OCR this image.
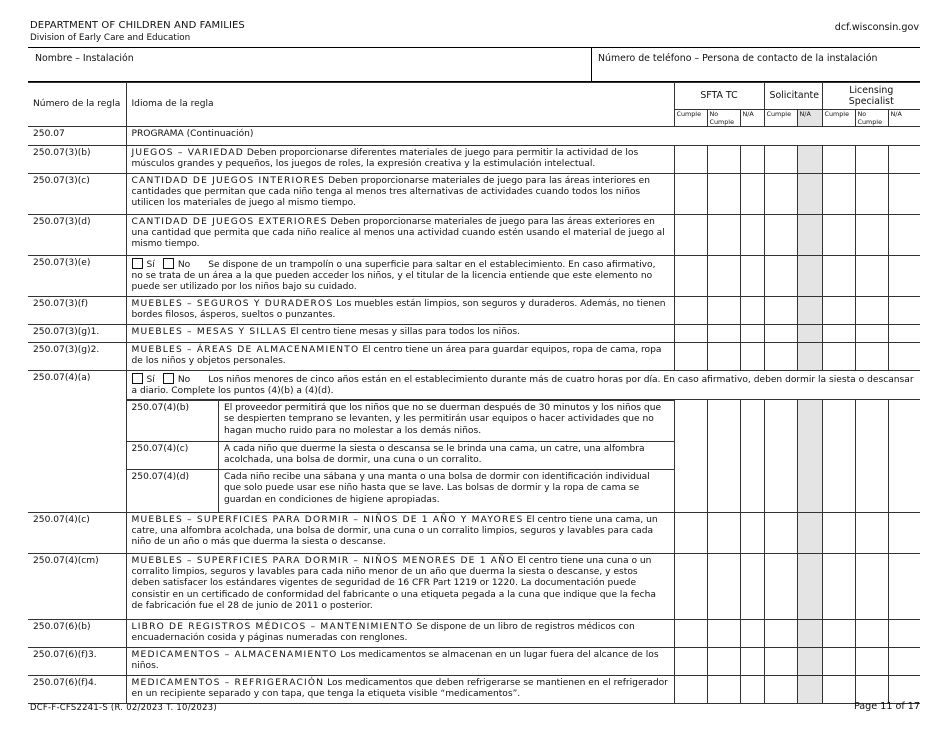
DEPARTMENT OF CHILDREN AND FAMILIES
Division of Early Care and Education
dcf.wisconsin.gov
Nombre – Instalación	Número de teléfono – Persona de contacto de la instalación
Número de la regla	Idioma de la regla	SFTA TC	Solicitante	Licensing Specialist
Cumple	No Cumple	N/A	Cumple	N/A	Cumple	No Cumple	N/A
250.07	PROGRAMA (Continuación)
250.07(3)(b)	JUEGOS – VARIEDAD Deben proporcionarse diferentes materiales de juego para permitir la actividad de los músculos grandes y pequeños, los juegos de roles, la expresión creativa y la estimulación intelectual.								
250.07(3)(c)	CANTIDAD DE JUEGOS INTERIORES Deben proporcionarse materiales de juego para las áreas interiores en cantidades que permitan que cada niño tenga al menos tres alternativas de actividades cuando todos los niños utilicen los materiales de juego al mismo tiempo.								
250.07(3)(d)	CANTIDAD DE JUEGOS EXTERIORES Deben proporcionarse materiales de juego para las áreas exteriores en una cantidad que permita que cada niño realice al menos una actividad cuando estén usando el material de juego al mismo tiempo.								
250.07(3)(e)	Sí	No Se dispone de un trampolín o una superficie para saltar en el establecimiento. En caso afirmativo, no se trata de un área a la que pueden acceder los niños, y el titular de la licencia entiende que este elemento no puede ser utilizado por los niños bajo su cuidado.								
250.07(3)(f)	MUEBLES – SEGUROS Y DURADEROS Los muebles están limpios, son seguros y duraderos. Además, no tienen bordes filosos, ásperos, sueltos o punzantes.								
250.07(3)(g)1.	MUEBLES – MESAS Y SILLAS El centro tiene mesas y sillas para todos los niños.								
250.07(3)(g)2.	MUEBLES – ÁREAS DE ALMACENAMIENTO El centro tiene un área para guardar equipos, ropa de cama, ropa de los niños y objetos personales.								
250.07(4)(a)	Sí	No Los niños menores de cinco años están en el establecimiento durante más de cuatro horas por día. En caso afirmativo, deben dormir la siesta o descansar a diario. Complete los puntos (4)(b) a (4)(d).

250.07(4)(b)	El proveedor permitirá que los niños que no se duerman después de 30 minutos y los niños que se despierten temprano se levanten, y les permitirán usar equipos o hacer actividades que no hagan mucho ruido para no molestar a los demás niños.
250.07(4)(c)	A cada niño que duerme la siesta o descansa se le brinda una cama, un catre, una alfombra acolchada, una bolsa de dormir, una cuna o un corralito.
250.07(4)(d)	Cada niño recibe una sábana y una manta o una bolsa de dormir con identificación individual que solo puede usar ese niño hasta que se lave. Las bolsas de dormir y la ropa de cama se guardan en condiciones de higiene apropiadas.

250.07(4)(c)	MUEBLES – SUPERFICIES PARA DORMIR – NIÑOS DE 1 AÑO Y MAYORES El centro tiene una cama, un catre, una alfombra acolchada, una bolsa de dormir, una cuna o un corralito limpios, seguros y lavables para cada niño de un año o más que duerma la siesta o descanse.								
250.07(4)(cm)	MUEBLES – SUPERFICIES PARA DORMIR – NIÑOS MENORES DE 1 AÑO El centro tiene una cuna o un corralito limpios, seguros y lavables para cada niño menor de un año que duerma la siesta o descanse, y estos deben satisfacer los estándares vigentes de seguridad de 16 CFR Part 1219 or 1220. La documentación puede consistir en un certificado de conformidad del fabricante o una etiqueta pegada a la cuna que indique que la fecha de fabricación fue el 28 de junio de 2011 o posterior.								
250.07(6)(b)	LIBRO DE REGISTROS MÉDICOS – MANTENIMIENTO Se dispone de un libro de registros médicos con encuadernación cosida y páginas numeradas con renglones.								
250.07(6)(f)3.	MEDICAMENTOS – ALMACENAMIENTO Los medicamentos se almacenan en un lugar fuera del alcance de los niños.								
250.07(6)(f)4.	MEDICAMENTOS – REFRIGERACIÓN Los medicamentos que deben refrigerarse se mantienen en el refrigerador en un recipiente separado y con tapa, que tenga la etiqueta visible “medicamentos”.								
DCF-F-CFS2241-S (R. 02/2023 T. 10/2023)	Page 11 of 17
